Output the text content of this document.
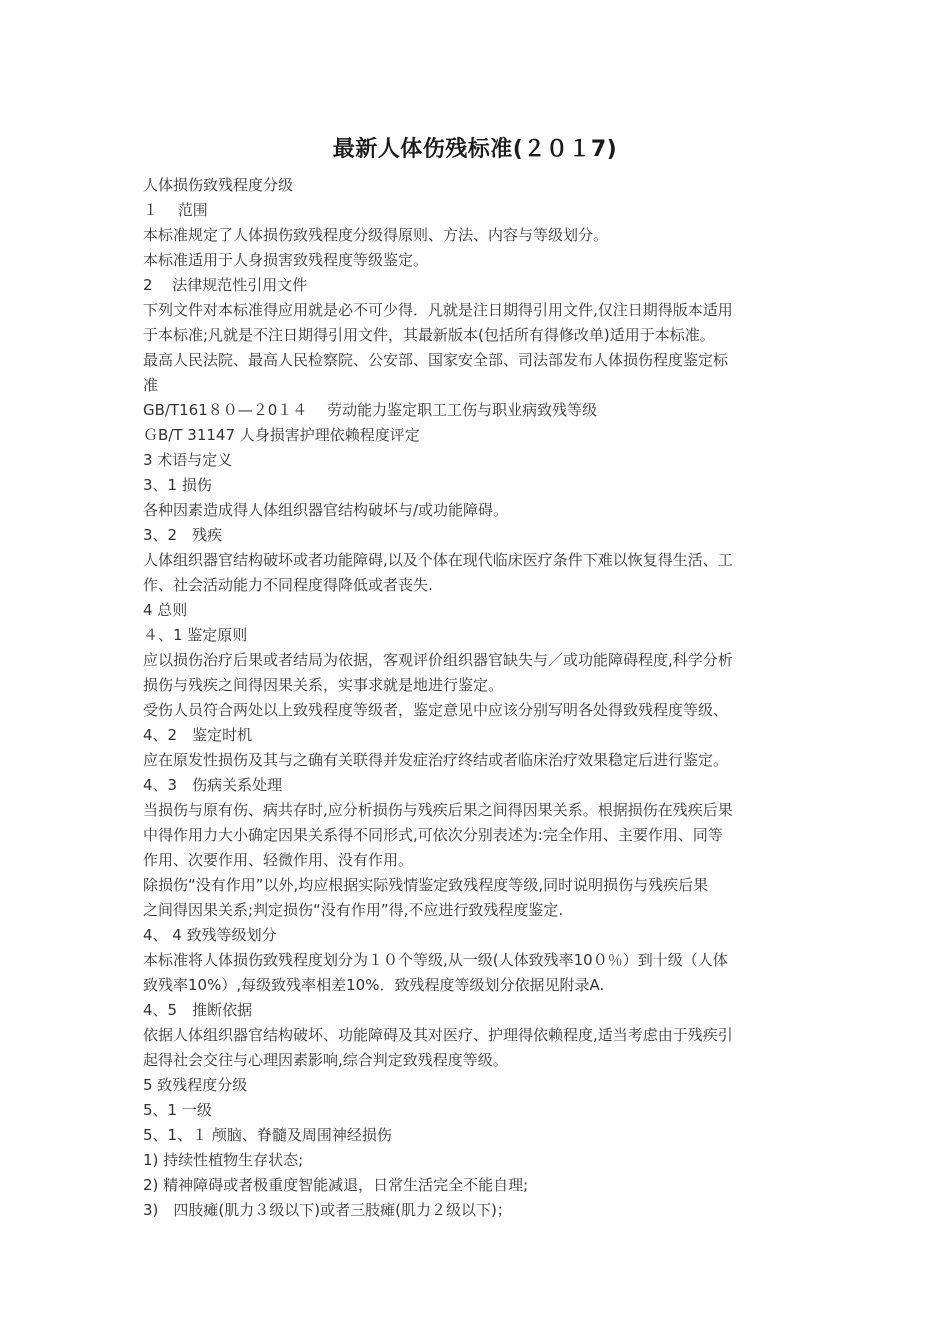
最新人体伤残标准(２０１7)

人体损伤致残程度分级

１　 范围

本标准规定了人体损伤致残程度分级得原则、方法、内容与等级划分。

本标准适用于人身损害致残程度等级鉴定。

2　 法律规范性引用文件

下列文件对本标准得应用就是必不可少得．凡就是注日期得引用文件,仅注日期得版本适用

于本标准;凡就是不注日期得引用文件，其最新版本(包括所有得修改单)适用于本标准。

最高人民法院、最高人民检察院、公安部、国家安全部、司法部发布人体损伤程度鉴定标

准

GB/T161８０—２0１４　 劳动能力鉴定职工工伤与职业病致残等级

ＧB/T 31147 人身损害护理依赖程度评定

3 术语与定义

3、1 损伤

各种因素造成得人体组织器官结构破坏与/或功能障碍。

3、2　残疾

人体组织器官结构破坏或者功能障碍,以及个体在现代临床医疗条件下难以恢复得生活、工

作、社会活动能力不同程度得降低或者丧失.

4 总则

４、1 鉴定原则

应以损伤治疗后果或者结局为依据，客观评价组织器官缺失与／或功能障碍程度,科学分析

损伤与残疾之间得因果关系，实事求就是地进行鉴定。

受伤人员符合两处以上致残程度等级者，鉴定意见中应该分别写明各处得致残程度等级、

4、2　鉴定时机

应在原发性损伤及其与之确有关联得并发症治疗终结或者临床治疗效果稳定后进行鉴定。

4、3　伤病关系处理

当损伤与原有伤、病共存时,应分析损伤与残疾后果之间得因果关系。根据损伤在残疾后果

中得作用力大小确定因果关系得不同形式,可依次分别表述为:完全作用、主要作用、同等

作用、次要作用、轻微作用、没有作用。

除损伤“没有作用”以外,均应根据实际残情鉴定致残程度等级,同时说明损伤与残疾后果

之间得因果关系;判定损伤“没有作用”得,不应进行致残程度鉴定.

4、 4 致残等级划分

本标准将人体损伤致残程度划分为１０个等级,从一级(人体致残率10０％）到十级（人体

致残率10%）,每级致残率相差10%．致残程度等级划分依据见附录A.

4、5　推断依据

依据人体组织器官结构破坏、功能障碍及其对医疗、护理得依赖程度,适当考虑由于残疾引

起得社会交往与心理因素影响,综合判定致残程度等级。

5 致残程度分级

5、1 一级

5、1、１ 颅脑、脊髓及周围神经损伤

1) 持续性植物生存状态;

2) 精神障碍或者极重度智能减退，日常生活完全不能自理;

3)　四肢瘫(肌力３级以下)或者三肢瘫(肌力２级以下)；
